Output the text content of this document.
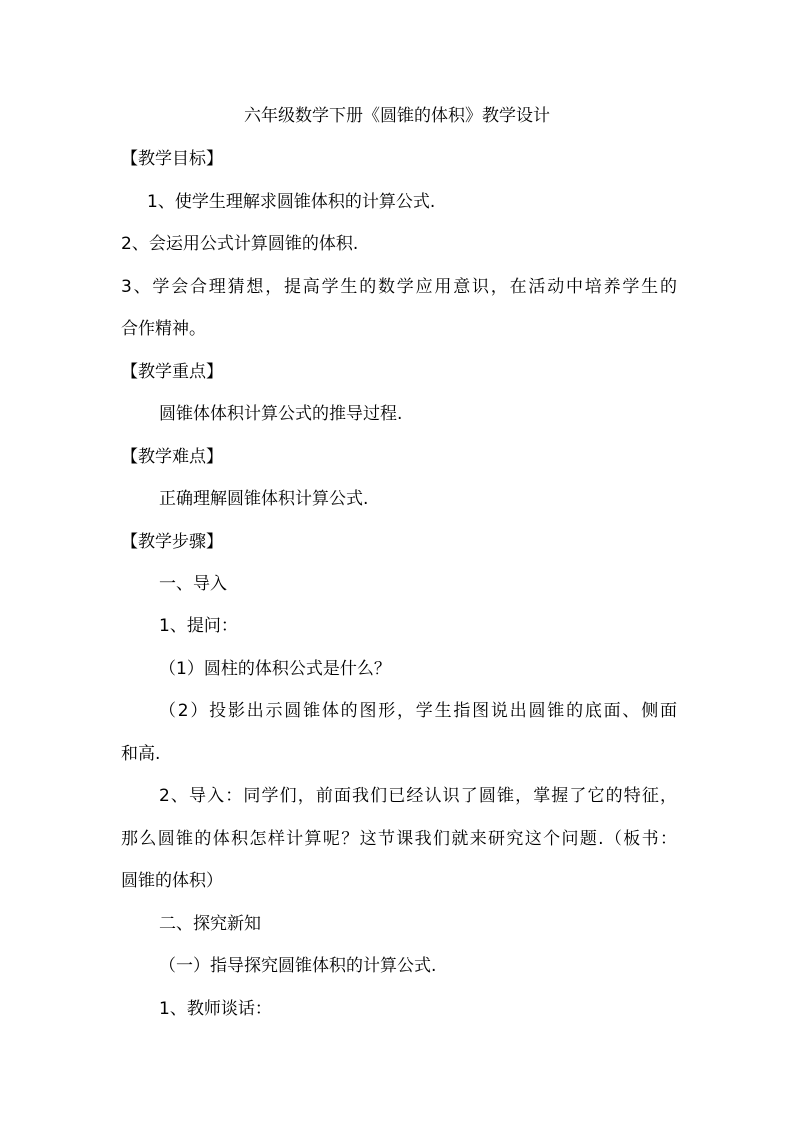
六年级数学下册《圆锥的体积》教学设计

【教学目标】

1、使学生理解求圆锥体积的计算公式.

2、会运用公式计算圆锥的体积.

3、学会合理猜想，提高学生的数学应用意识，在活动中培养学生的

合作精神。

【教学重点】

圆锥体体积计算公式的推导过程.

【教学难点】

正确理解圆锥体积计算公式.

【教学步骤】

一、导入

1、提问：

（1）圆柱的体积公式是什么？

（2）投影出示圆锥体的图形，学生指图说出圆锥的底面、侧面

和高.

2、导入：同学们，前面我们已经认识了圆锥，掌握了它的特征，

那么圆锥的体积怎样计算呢？这节课我们就来研究这个问题.（板书：

圆锥的体积）

二、探究新知

（一）指导探究圆锥体积的计算公式.

1、教师谈话：
